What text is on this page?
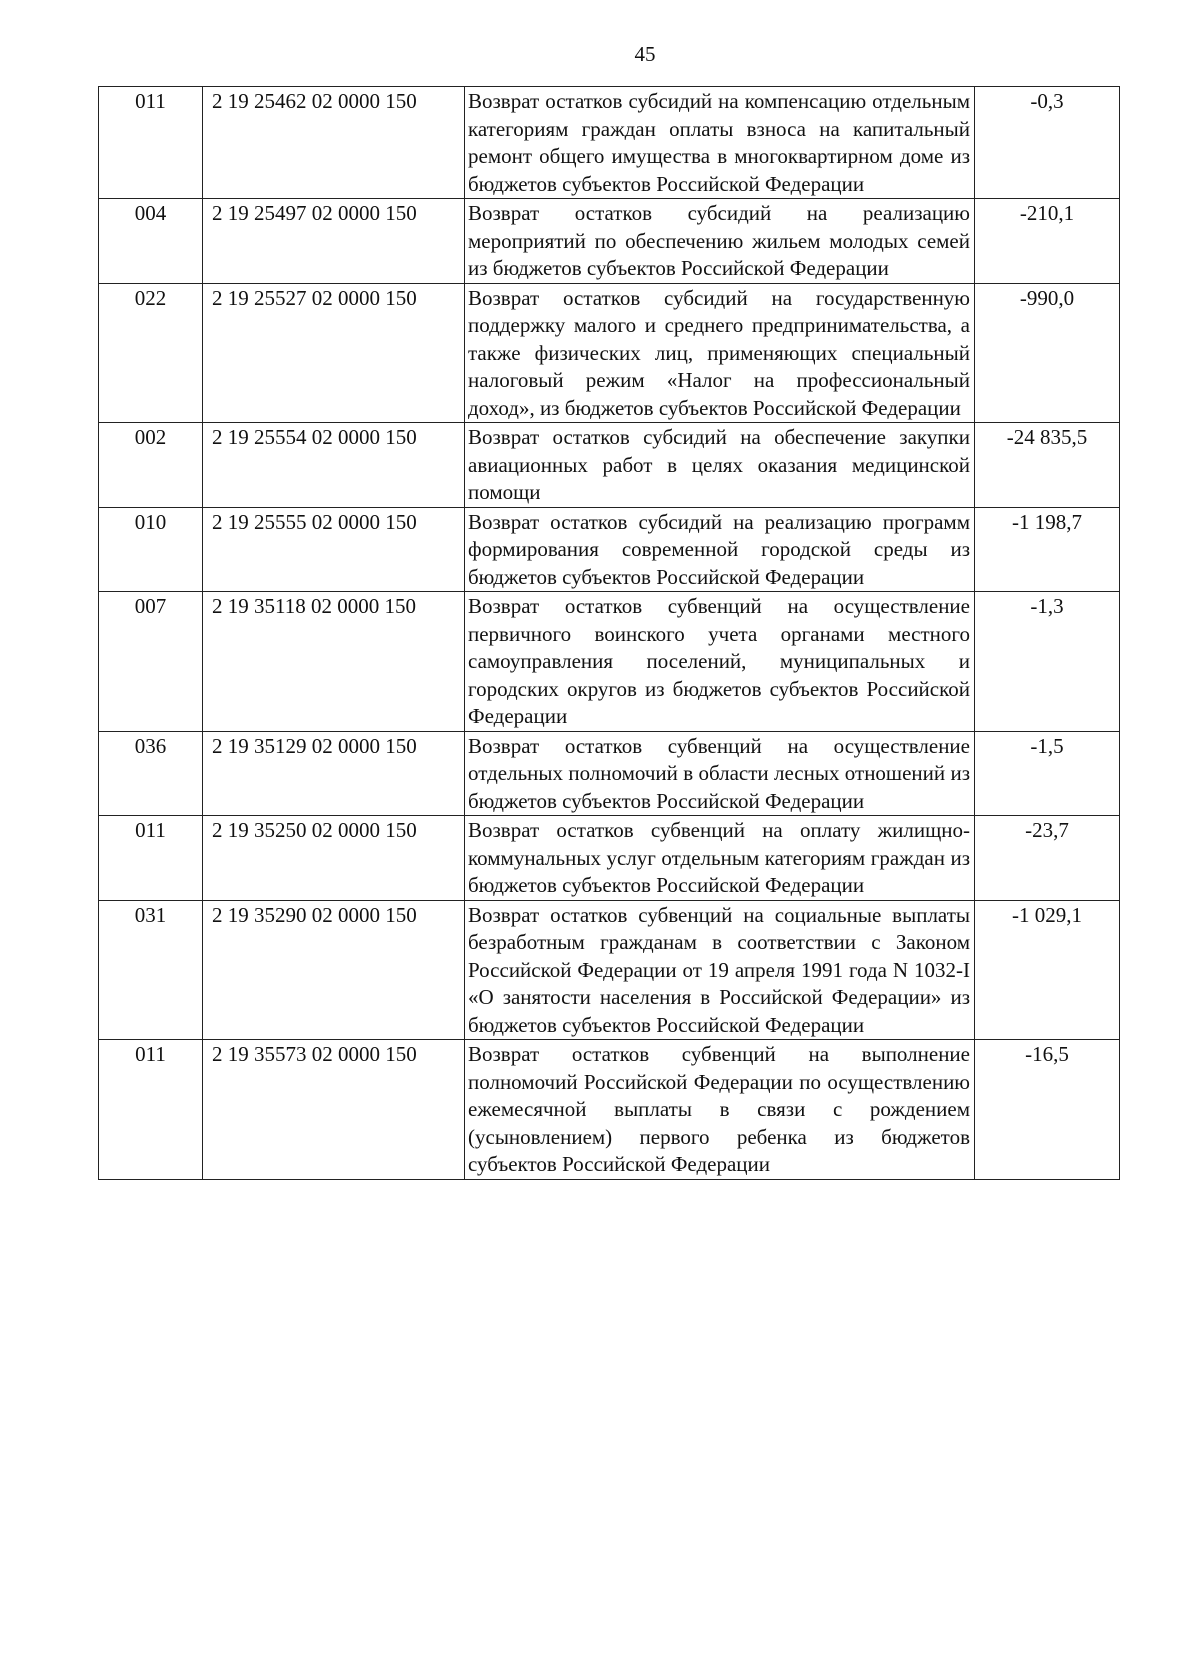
45
011	2 19 25462 02 0000 150	Возврат остатков субсидий на компенсацию отдельным категориям граждан оплаты взноса на капитальный ремонт общего имущества в многоквартирном доме из бюджетов субъектов Российской Федерации	-0,3
004	2 19 25497 02 0000 150	Возврат остатков субсидий на реализацию мероприятий по обеспечению жильем молодых семей из бюджетов субъектов Российской Федерации	-210,1
022	2 19 25527 02 0000 150	Возврат остатков субсидий на государственную поддержку малого и среднего предпринимательства, а также физических лиц, применяющих специальный налоговый режим «Налог на профессиональный доход», из бюджетов субъектов Российской Федерации	-990,0
002	2 19 25554 02 0000 150	Возврат остатков субсидий на обеспечение закупки авиационных работ в целях оказания медицинской помощи	-24 835,5
010	2 19 25555 02 0000 150	Возврат остатков субсидий на реализацию программ формирования современной городской среды из бюджетов субъектов Российской Федерации	-1 198,7
007	2 19 35118 02 0000 150	Возврат остатков субвенций на осуществление первичного воинского учета органами местного самоуправления поселений, муниципальных и городских округов из бюджетов субъектов Российской Федерации	-1,3
036	2 19 35129 02 0000 150	Возврат остатков субвенций на осуществление отдельных полномочий в области лесных отношений из бюджетов субъектов Российской Федерации	-1,5
011	2 19 35250 02 0000 150	Возврат остатков субвенций на оплату жилищно-коммунальных услуг отдельным категориям граждан из бюджетов субъектов Российской Федерации	-23,7
031	2 19 35290 02 0000 150	Возврат остатков субвенций на социальные выплаты безработным гражданам в соответствии с Законом Российской Федерации от 19 апреля 1991 года N 1032-I «О занятости населения в Российской Федерации» из бюджетов субъектов Российской Федерации	-1 029,1
011	2 19 35573 02 0000 150	Возврат остатков субвенций на выполнение полномочий Российской Федерации по осуществлению ежемесячной выплаты в связи с рождением (усыновлением) первого ребенка из бюджетов субъектов Российской Федерации	-16,5
